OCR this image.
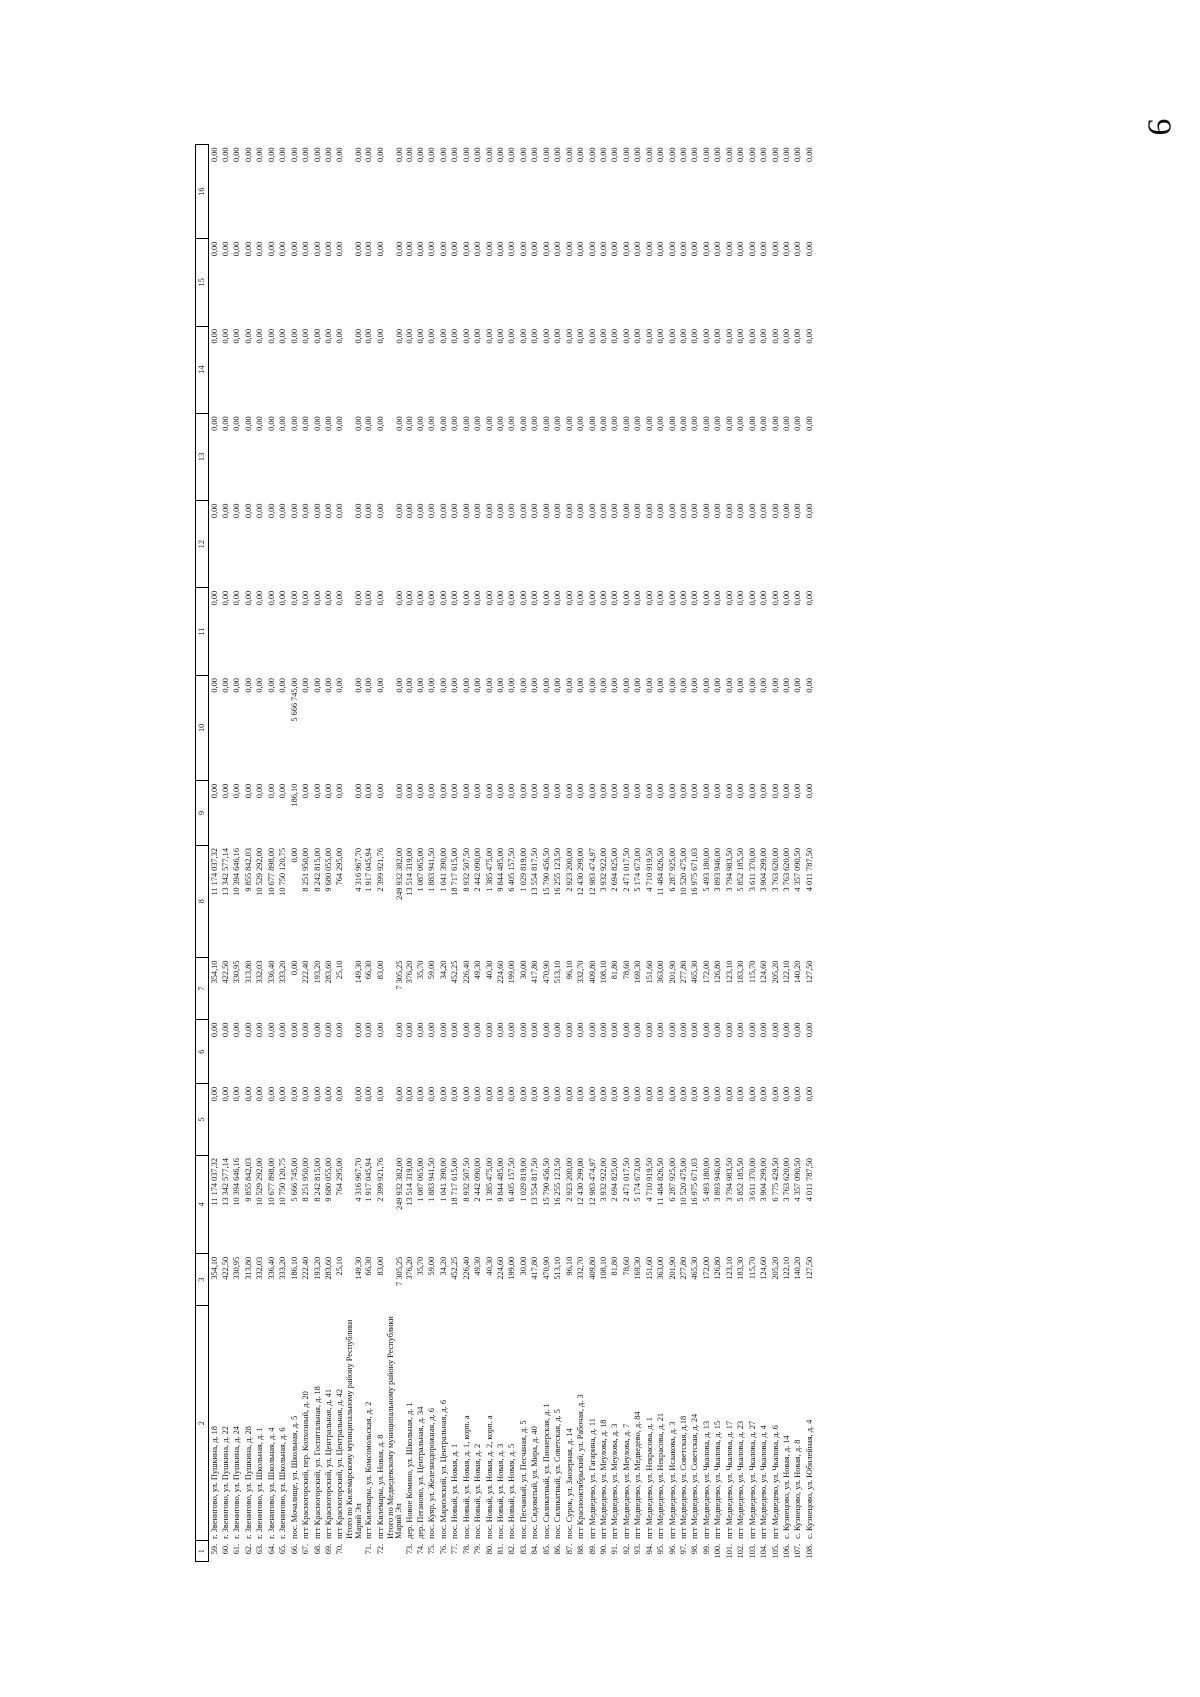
9
1	2	3	4	5	6	7	8	9	10	11	12	13	14	15	16
59.	г. Звенигово, ул. Пушкина, д. 18	354,10	11 174 037,32	0,00	0,00	354,10	11 174 037,32	0,00	0,00	0,00	0,00	0,00	0,00	0,00	0,00
60.	г. Звенигово, ул. Пушкина, д. 22	422,50	13 342 577,14	0,00	0,00	422,50	13 342 577,14	0,00	0,00	0,00	0,00	0,00	0,00	0,00	0,00
61.	г. Звенигово, ул. Пушкина, д. 24	330,95	10 394 646,16	0,00	0,00	330,95	10 394 646,16	0,00	0,00	0,00	0,00	0,00	0,00	0,00	0,00
62.	г. Звенигово, ул. Пушкина, д. 28	313,80	9 855 842,03	0,00	0,00	313,80	9 855 842,03	0,00	0,00	0,00	0,00	0,00	0,00	0,00	0,00
63.	г. Звенигово, ул. Школьная, д. 1	332,03	10 529 292,00	0,00	0,00	332,03	10 529 292,00	0,00	0,00	0,00	0,00	0,00	0,00	0,00	0,00
64.	г. Звенигово, ул. Школьная, д. 4	336,40	10 677 898,00	0,00	0,00	336,40	10 677 898,00	0,00	0,00	0,00	0,00	0,00	0,00	0,00	0,00
65.	г. Звенигово, ул. Школьная, д. 6	333,20	10 750 120,75	0,00	0,00	333,20	10 750 120,75	0,00	0,00	0,00	0,00	0,00	0,00	0,00	0,00
66.	пос. Мочалище, ул. Школьная, д. 5	186,10	5 666 745,00	0,00	0,00	0,00	0,00	186,10	5 666 745,00	0,00	0,00	0,00	0,00	0,00	0,00
67.	пгт Красногорский, пер. Колхозный, д. 20	222,40	8 251 950,00	0,00	0,00	222,40	8 251 950,00	0,00	0,00	0,00	0,00	0,00	0,00	0,00	0,00
68.	пгт Красногорский, ул. Госпитальная, д. 18	193,20	8 242 815,00	0,00	0,00	193,20	8 242 815,00	0,00	0,00	0,00	0,00	0,00	0,00	0,00	0,00
69.	пгт Красногорский, ул. Центральная, д. 41	283,60	9 680 055,00	0,00	0,00	283,60	9 680 055,00	0,00	0,00	0,00	0,00	0,00	0,00	0,00	0,00
70.	пгт Красногорский, ул. Центральная, д. 42	25,10	764 295,00	0,00	0,00	25,10	764 295,00	0,00	0,00	0,00	0,00	0,00	0,00	0,00	0,00
	Итого по Килемарскому муниципальному району Республики Марий Эл	149,30	4 316 967,70	0,00	0,00	149,30	4 316 967,70	0,00	0,00	0,00	0,00	0,00	0,00	0,00	0,00
71.	пгт Килемары, ул. Комсомольская, д. 2	66,30	1 917 045,94	0,00	0,00	66,30	1 917 045,94	0,00	0,00	0,00	0,00	0,00	0,00	0,00	0,00
72.	пгт Килемары, ул. Новая, д. 8	83,00	2 399 921,76	0,00	0,00	83,00	2 399 921,76	0,00	0,00	0,00	0,00	0,00	0,00	0,00	0,00
	Итого по Медведевскому муниципальному району Республики Марий Эл	7 305,25	249 932 382,00	0,00	0,00	7 305,25	249 932 382,00	0,00	0,00	0,00	0,00	0,00	0,00	0,00	0,00
73.	дер. Новое Комино, ул. Школьная, д. 1	376,20	13 514 319,00	0,00	0,00	376,20	13 514 319,00	0,00	0,00	0,00	0,00	0,00	0,00	0,00	0,00
74.	дер. Пеганово, ул. Центральная, д. 34	35,70	1 087 065,00	0,00	0,00	35,70	1 087 065,00	0,00	0,00	0,00	0,00	0,00	0,00	0,00	0,00
75.	пос. Куяр, ул. Железнодорожная, д. 6	59,00	1 883 941,50	0,00	0,00	59,00	1 883 941,50	0,00	0,00	0,00	0,00	0,00	0,00	0,00	0,00
76.	пос. Мариэлский, ул. Центральная, д. 6	34,20	1 041 390,00	0,00	0,00	34,20	1 041 390,00	0,00	0,00	0,00	0,00	0,00	0,00	0,00	0,00
77.	пос. Новый, ул. Новая, д. 1	452,25	18 717 615,00	0,00	0,00	452,25	18 717 615,00	0,00	0,00	0,00	0,00	0,00	0,00	0,00	0,00
78.	пос. Новый, ул. Новая, д. 1, корп. а	226,40	8 932 507,50	0,00	0,00	226,40	8 932 507,50	0,00	0,00	0,00	0,00	0,00	0,00	0,00	0,00
79.	пос. Новый, ул. Новая, д. 2	49,30	2 442 090,00	0,00	0,00	49,30	2 442 090,00	0,00	0,00	0,00	0,00	0,00	0,00	0,00	0,00
80.	пос. Новый, ул. Новая, д. 2, корп. а	40,30	1 385 475,00	0,00	0,00	40,30	1 385 475,00	0,00	0,00	0,00	0,00	0,00	0,00	0,00	0,00
81.	пос. Новый, ул. Новая, д. 3	224,60	9 844 485,00	0,00	0,00	224,60	9 844 485,00	0,00	0,00	0,00	0,00	0,00	0,00	0,00	0,00
82.	пос. Новый, ул. Новая, д. 5	199,00	6 405 157,50	0,00	0,00	199,00	6 405 157,50	0,00	0,00	0,00	0,00	0,00	0,00	0,00	0,00
83.	пос. Песчаный, ул. Песчаная, д. 5	30,00	1 029 819,00	0,00	0,00	30,00	1 029 819,00	0,00	0,00	0,00	0,00	0,00	0,00	0,00	0,00
84.	пос. Сидоватый, ул. Мира, д. 40	417,80	13 554 817,50	0,00	0,00	417,80	13 554 817,50	0,00	0,00	0,00	0,00	0,00	0,00	0,00	0,00
85.	пос. Силикатный, ул. Пионерская, д. 1	470,90	15 790 456,50	0,00	0,00	470,90	15 790 456,50	0,00	0,00	0,00	0,00	0,00	0,00	0,00	0,00
86.	пос. Силикатный, ул. Советская, д. 5	513,10	16 255 123,50	0,00	0,00	513,10	16 255 123,50	0,00	0,00	0,00	0,00	0,00	0,00	0,00	0,00
87.	пос. Сурок, ул. Заозерная, д. 14	96,10	2 923 200,00	0,00	0,00	96,10	2 923 200,00	0,00	0,00	0,00	0,00	0,00	0,00	0,00	0,00
88.	пгт Краснооктябрьский, ул. Рабочая, д. 3	332,70	12 430 299,00	0,00	0,00	332,70	12 430 299,00	0,00	0,00	0,00	0,00	0,00	0,00	0,00	0,00
89.	пгт Медведево, ул. Гагарина, д. 11	409,80	12 983 474,97	0,00	0,00	409,80	12 983 474,97	0,00	0,00	0,00	0,00	0,00	0,00	0,00	0,00
90.	пгт Медведево, ул. Меулова, д. 18	108,10	3 932 922,00	0,00	0,00	108,10	3 932 922,00	0,00	0,00	0,00	0,00	0,00	0,00	0,00	0,00
91.	пгт Медведево, ул. Меулова, д. 3	81,80	2 694 825,00	0,00	0,00	81,80	2 694 825,00	0,00	0,00	0,00	0,00	0,00	0,00	0,00	0,00
92.	пгт Медведево, ул. Меулова, д. 7	78,60	2 471 017,50	0,00	0,00	78,60	2 471 017,50	0,00	0,00	0,00	0,00	0,00	0,00	0,00	0,00
93.	пгт Медведево, ул. Медведево, д. 84	169,30	5 174 673,00	0,00	0,00	169,30	5 174 673,00	0,00	0,00	0,00	0,00	0,00	0,00	0,00	0,00
94.	пгт Медведево, ул. Некрасова, д. 1	151,60	4 710 919,50	0,00	0,00	151,60	4 710 919,50	0,00	0,00	0,00	0,00	0,00	0,00	0,00	0,00
95.	пгт Медведево, ул. Некрасова, д. 21	363,00	11 484 826,50	0,00	0,00	363,00	11 484 826,50	0,00	0,00	0,00	0,00	0,00	0,00	0,00	0,00
96.	пгт Медведево, ул. Исаакова, д. 3	201,90	6 287 925,00	0,00	0,00	201,90	6 287 925,00	0,00	0,00	0,00	0,00	0,00	0,00	0,00	0,00
97.	пгт Медведево, ул. Советская, д.18	277,80	10 520 475,00	0,00	0,00	277,80	10 520 475,00	0,00	0,00	0,00	0,00	0,00	0,00	0,00	0,00
98.	пгт Медведево, ул. Советская, д. 24	465,30	16 975 671,03	0,00	0,00	465,30	16 975 671,03	0,00	0,00	0,00	0,00	0,00	0,00	0,00	0,00
99.	пгт Медведево, ул. Чкалова, д. 13	172,00	5 493 180,00	0,00	0,00	172,00	5 493 180,00	0,00	0,00	0,00	0,00	0,00	0,00	0,00	0,00
100.	пгт Медведево, ул. Чкалова, д. 15	126,80	3 893 946,00	0,00	0,00	126,80	3 893 946,00	0,00	0,00	0,00	0,00	0,00	0,00	0,00	0,00
101.	пгт Медведево, ул. Чкалова, д. 17	123,10	3 794 983,50	0,00	0,00	123,10	3 794 983,50	0,00	0,00	0,00	0,00	0,00	0,00	0,00	0,00
102.	пгт Медведево, ул. Чкалова, д. 23	183,30	5 852 185,50	0,00	0,00	183,30	5 852 185,50	0,00	0,00	0,00	0,00	0,00	0,00	0,00	0,00
103.	пгт Медведево, ул. Чкалова, д. 27	115,70	3 611 370,00	0,00	0,00	115,70	3 611 370,00	0,00	0,00	0,00	0,00	0,00	0,00	0,00	0,00
104.	пгт Медведево, ул. Чкалова, д. 4	124,60	3 904 299,00	0,00	0,00	124,60	3 904 299,00	0,00	0,00	0,00	0,00	0,00	0,00	0,00	0,00
105.	пгт Медведево, ул. Чкалова, д. 6	205,20	6 775 429,50	0,00	0,00	205,20	3 763 620,00	0,00	0,00	0,00	0,00	0,00	0,00	0,00	0,00
106.	с. Кузнецово, ул. Новая, д. 14	122,10	3 763 620,00	0,00	0,00	122,10	3 763 620,00	0,00	0,00	0,00	0,00	0,00	0,00	0,00	0,00
107.	с. Кузнецово, ул. Новая, д. 8	140,20	4 357 090,50	0,00	0,00	140,20	4 357 090,50	0,00	0,00	0,00	0,00	0,00	0,00	0,00	0,00
108.	с. Кузнецово, ул. Юбилейная, д. 4	127,50	4 011 787,50	0,00	0,00	127,50	4 011 787,50	0,00	0,00	0,00	0,00	0,00	0,00	0,00	0,00
